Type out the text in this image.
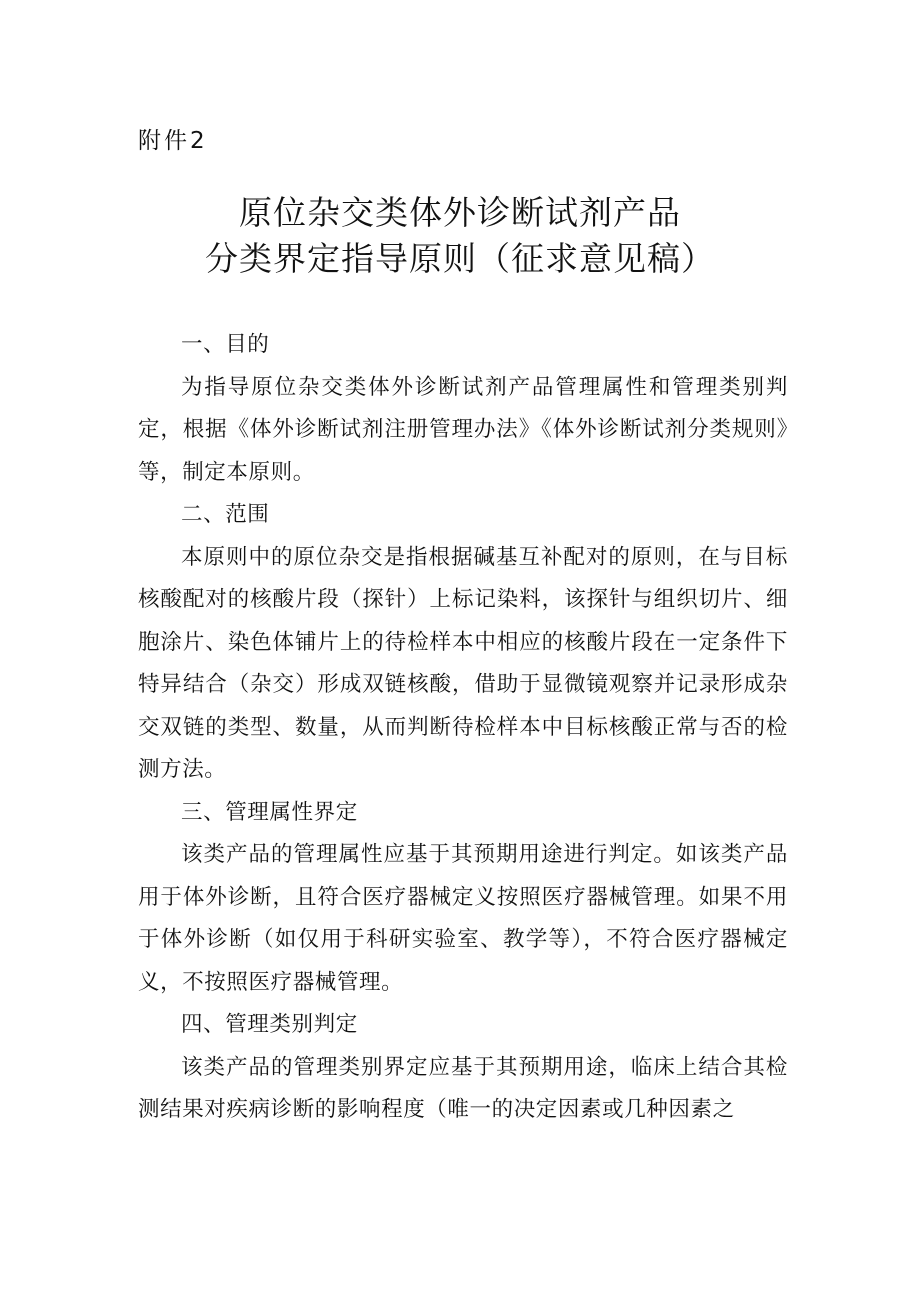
附件2
原位杂交类体外诊断试剂产品
分类界定指导原则（征求意见稿）

一、目的

为指导原位杂交类体外诊断试剂产品管理属性和管理类别判定，根据《体外诊断试剂注册管理办法》《体外诊断试剂分类规则》等，制定本原则。

二、范围

本原则中的原位杂交是指根据碱基互补配对的原则，在与目标核酸配对的核酸片段（探针）上标记染料，该探针与组织切片、细胞涂片、染色体铺片上的待检样本中相应的核酸片段在一定条件下特异结合（杂交）形成双链核酸，借助于显微镜观察并记录形成杂交双链的类型、数量，从而判断待检样本中目标核酸正常与否的检测方法。

三、管理属性界定

该类产品的管理属性应基于其预期用途进行判定。如该类产品用于体外诊断，且符合医疗器械定义按照医疗器械管理。如果不用于体外诊断（如仅用于科研实验室、教学等），不符合医疗器械定义，不按照医疗器械管理。

四、管理类别判定

该类产品的管理类别界定应基于其预期用途，临床上结合其检测结果对疾病诊断的影响程度（唯一的决定因素或几种因素之
